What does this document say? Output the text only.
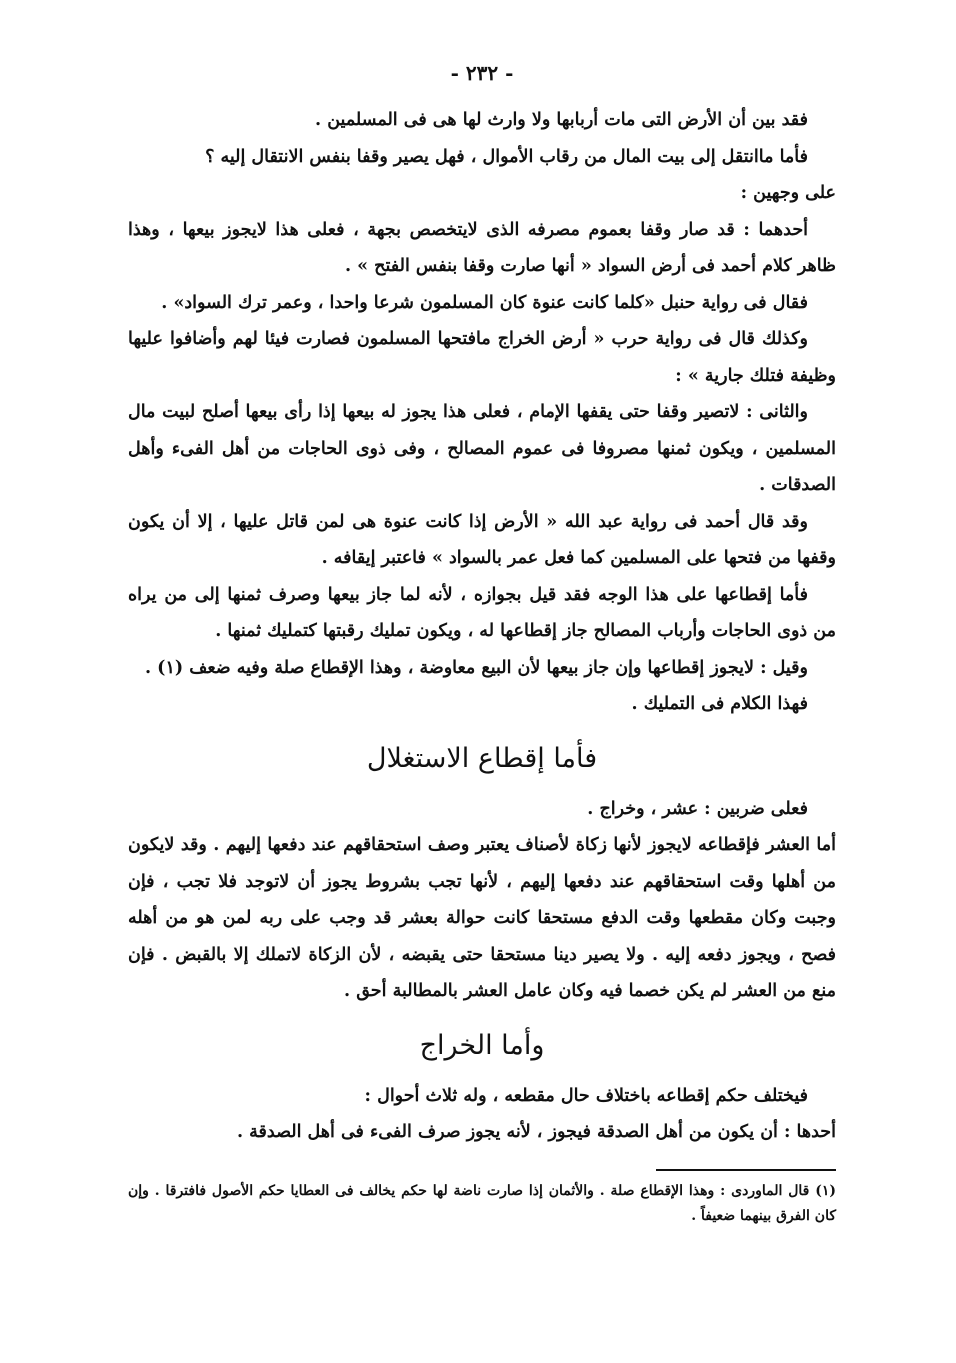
- ٢٣٢ -

فقد بين أن الأرض التى مات أربابها ولا وارث لها هى فى المسلمين .

فأما ماانتقل إلى بيت المال من رقاب الأموال ، فهل يصير وقفا بنفس الانتقال إليه ؟

على وجهين :

أحدهما : قد صار وقفا بعموم مصرفه الذى لايتخصص بجهة ، فعلى هذا لايجوز بيعها ، وهذا ظاهر كلام أحمد فى أرض السواد « أنها صارت وقفا بنفس الفتح » .

فقال فى رواية حنبل «كلما كانت عنوة كان المسلمون شرعا واحدا ، وعمر ترك السواد» .

وكذلك قال فى رواية حرب « أرض الخراج مافتحها المسلمون فصارت فيئا لهم وأضافوا عليها وظيفة فتلك جارية » :

والثانى : لاتصير وقفا حتى يقفها الإمام ، فعلى هذا يجوز له بيعها إذا رأى بيعها أصلح لبيت مال المسلمين ، ويكون ثمنها مصروفا فى عموم المصالح ، وفى ذوى الحاجات من أهل الفىء وأهل الصدقات .

وقد قال أحمد فى رواية عبد الله « الأرض إذا كانت عنوة هى لمن قاتل عليها ، إلا أن يكون وقفها من فتحها على المسلمين كما فعل عمر بالسواد » فاعتبر إيقافه .

فأما إقطاعها على هذا الوجه فقد قيل بجوازه ، لأنه لما جاز بيعها وصرف ثمنها إلى من يراه من ذوى الحاجات وأرباب المصالح جاز إقطاعها له ، ويكون تمليك رقبتها كتمليك ثمنها .

وقيل : لايجوز إقطاعها وإن جاز بيعها لأن البيع معاوضة ، وهذا الإقطاع صلة وفيه ضعف (١) .

فهذا الكلام فى التمليك .

فأما إقطاع الاستغلال

فعلى ضربين : عشر ، وخراج .

أما العشر فإقطاعه لايجوز لأنها زكاة لأصناف يعتبر وصف استحقاقهم عند دفعها إليهم . وقد لايكون من أهلها وقت استحقاقهم عند دفعها إليهم ، لأنها تجب بشروط يجوز أن لاتوجد فلا تجب ، فإن وجبت وكان مقطعها وقت الدفع مستحقا كانت حوالة بعشر قد وجب على ربه لمن هو من أهله فصح ، ويجوز دفعه إليه . ولا يصير دينا مستحقا حتى يقبضه ، لأن الزكاة لاتملك إلا بالقبض . فإن منع من العشر لم يكن خصما فيه وكان عامل العشر بالمطالبة أحق .

وأما الخراج

فيختلف حكم إقطاعه باختلاف حال مقطعه ، وله ثلاث أحوال :

أحدها : أن يكون من أهل الصدقة فيجوز ، لأنه يجوز صرف الفىء فى أهل الصدقة .

(١) قال الماوردى : وهذا الإقطاع صلة . والأثمان إذا صارت ناضة لها حكم يخالف فى العطايا حكم الأصول فافترقا . وإن كان الفرق بينهما ضعيفاً .
